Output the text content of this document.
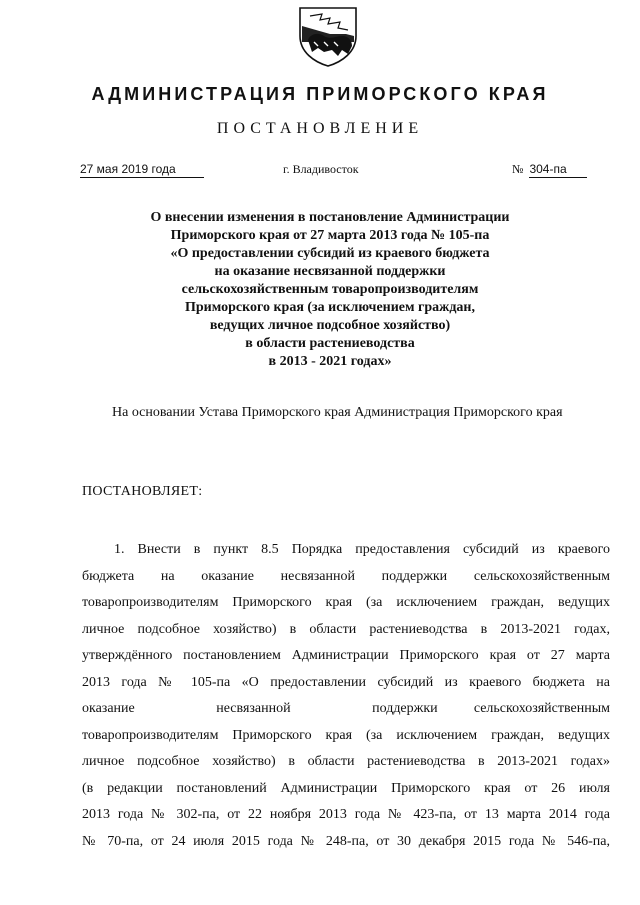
АДМИНИСТРАЦИЯ ПРИМОРСКОГО КРАЯ
ПОСТАНОВЛЕНИЕ
27 мая 2019 года	г. Владивосток	№ 304-па
О внесении изменения в постановление Администрации
Приморского края от 27 марта 2013 года № 105-па
«О предоставлении субсидий из краевого бюджета
на оказание несвязанной поддержки
сельскохозяйственным товаропроизводителям
Приморского края (за исключением граждан,
ведущих личное подсобное хозяйство)
в области растениеводства
в 2013 - 2021 годах»
На основании Устава Приморского края Администрация Приморского края
ПОСТАНОВЛЯЕТ:
1. Внести в пункт 8.5 Порядка предоставления субсидий из краевого
бюджета на оказание несвязанной поддержки сельскохозяйственным
товаропроизводителям Приморского края (за исключением граждан, ведущих
личное подсобное хозяйство) в области растениеводства в 2013-2021 годах,
утверждённого постановлением Администрации Приморского края от 27 марта
2013 года № 105-па «О предоставлении субсидий из краевого бюджета на
оказание несвязанной поддержки	сельскохозяйственным
товаропроизводителям Приморского края (за исключением граждан, ведущих
личное подсобное хозяйство) в области растениеводства в 2013-2021 годах»
(в редакции постановлений Администрации Приморского края от 26 июля
2013 года № 302-па, от 22 ноября 2013 года № 423-па, от 13 марта 2014 года
№ 70-па, от 24 июля 2015 года № 248-па, от 30 декабря 2015 года № 546-па,
